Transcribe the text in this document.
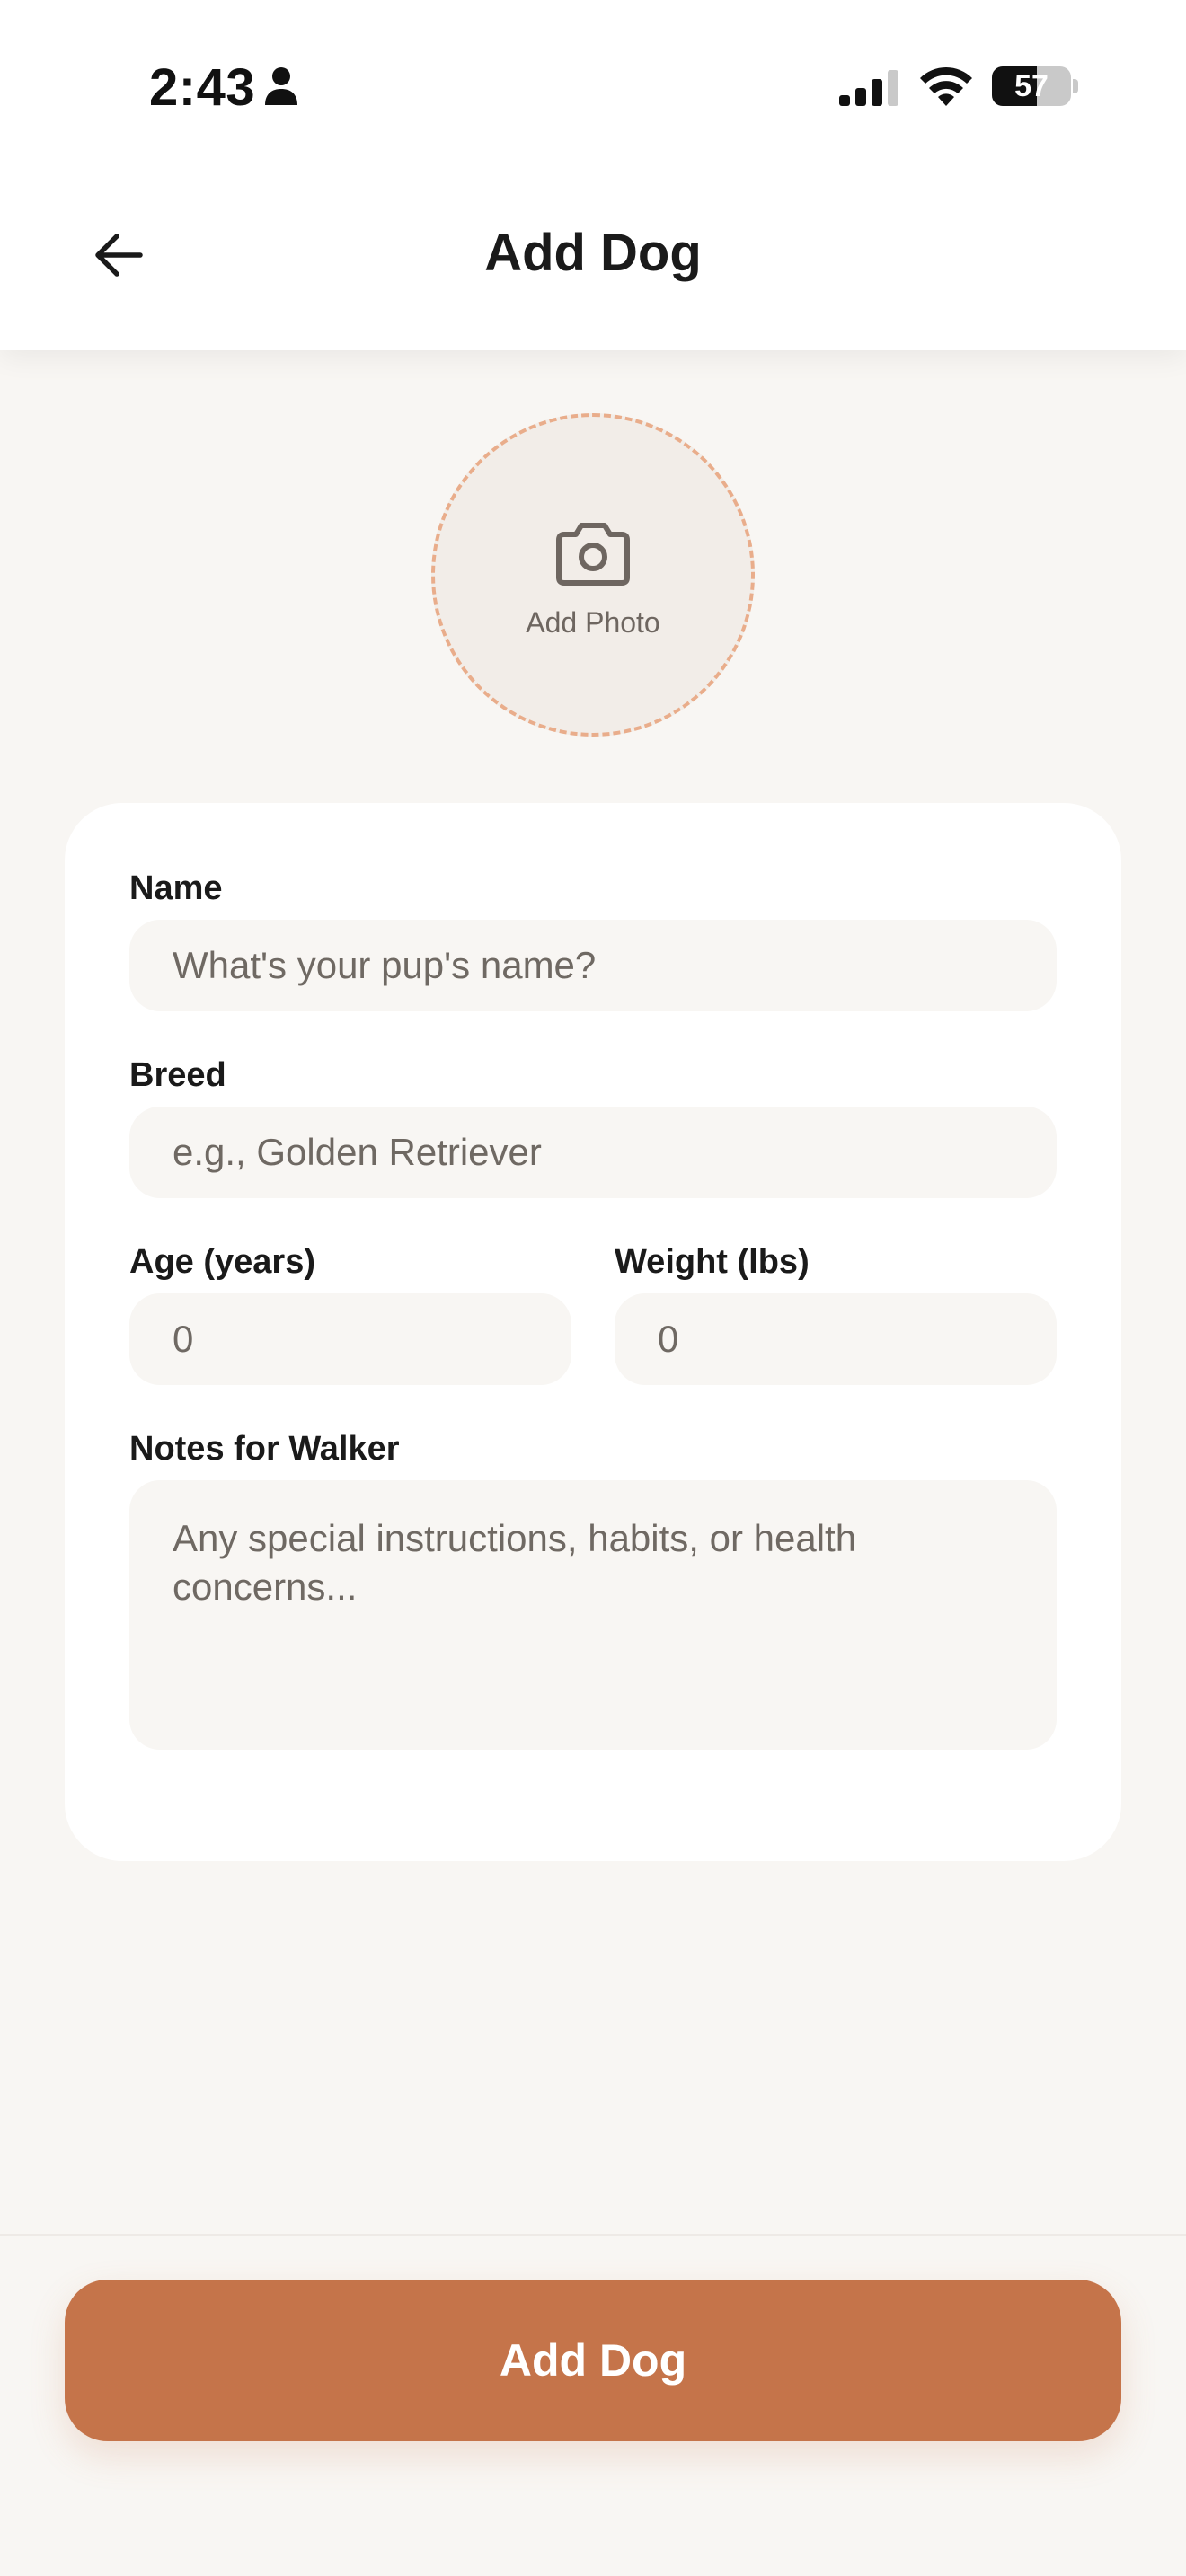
2:43	57
Add Dog
Add Photo
Name
What's your pup's name?
Breed
e.g., Golden Retriever
Age (years)
0	Weight (lbs)
0
Notes for Walker
Any special instructions, habits, or health concerns...
Add Dog
